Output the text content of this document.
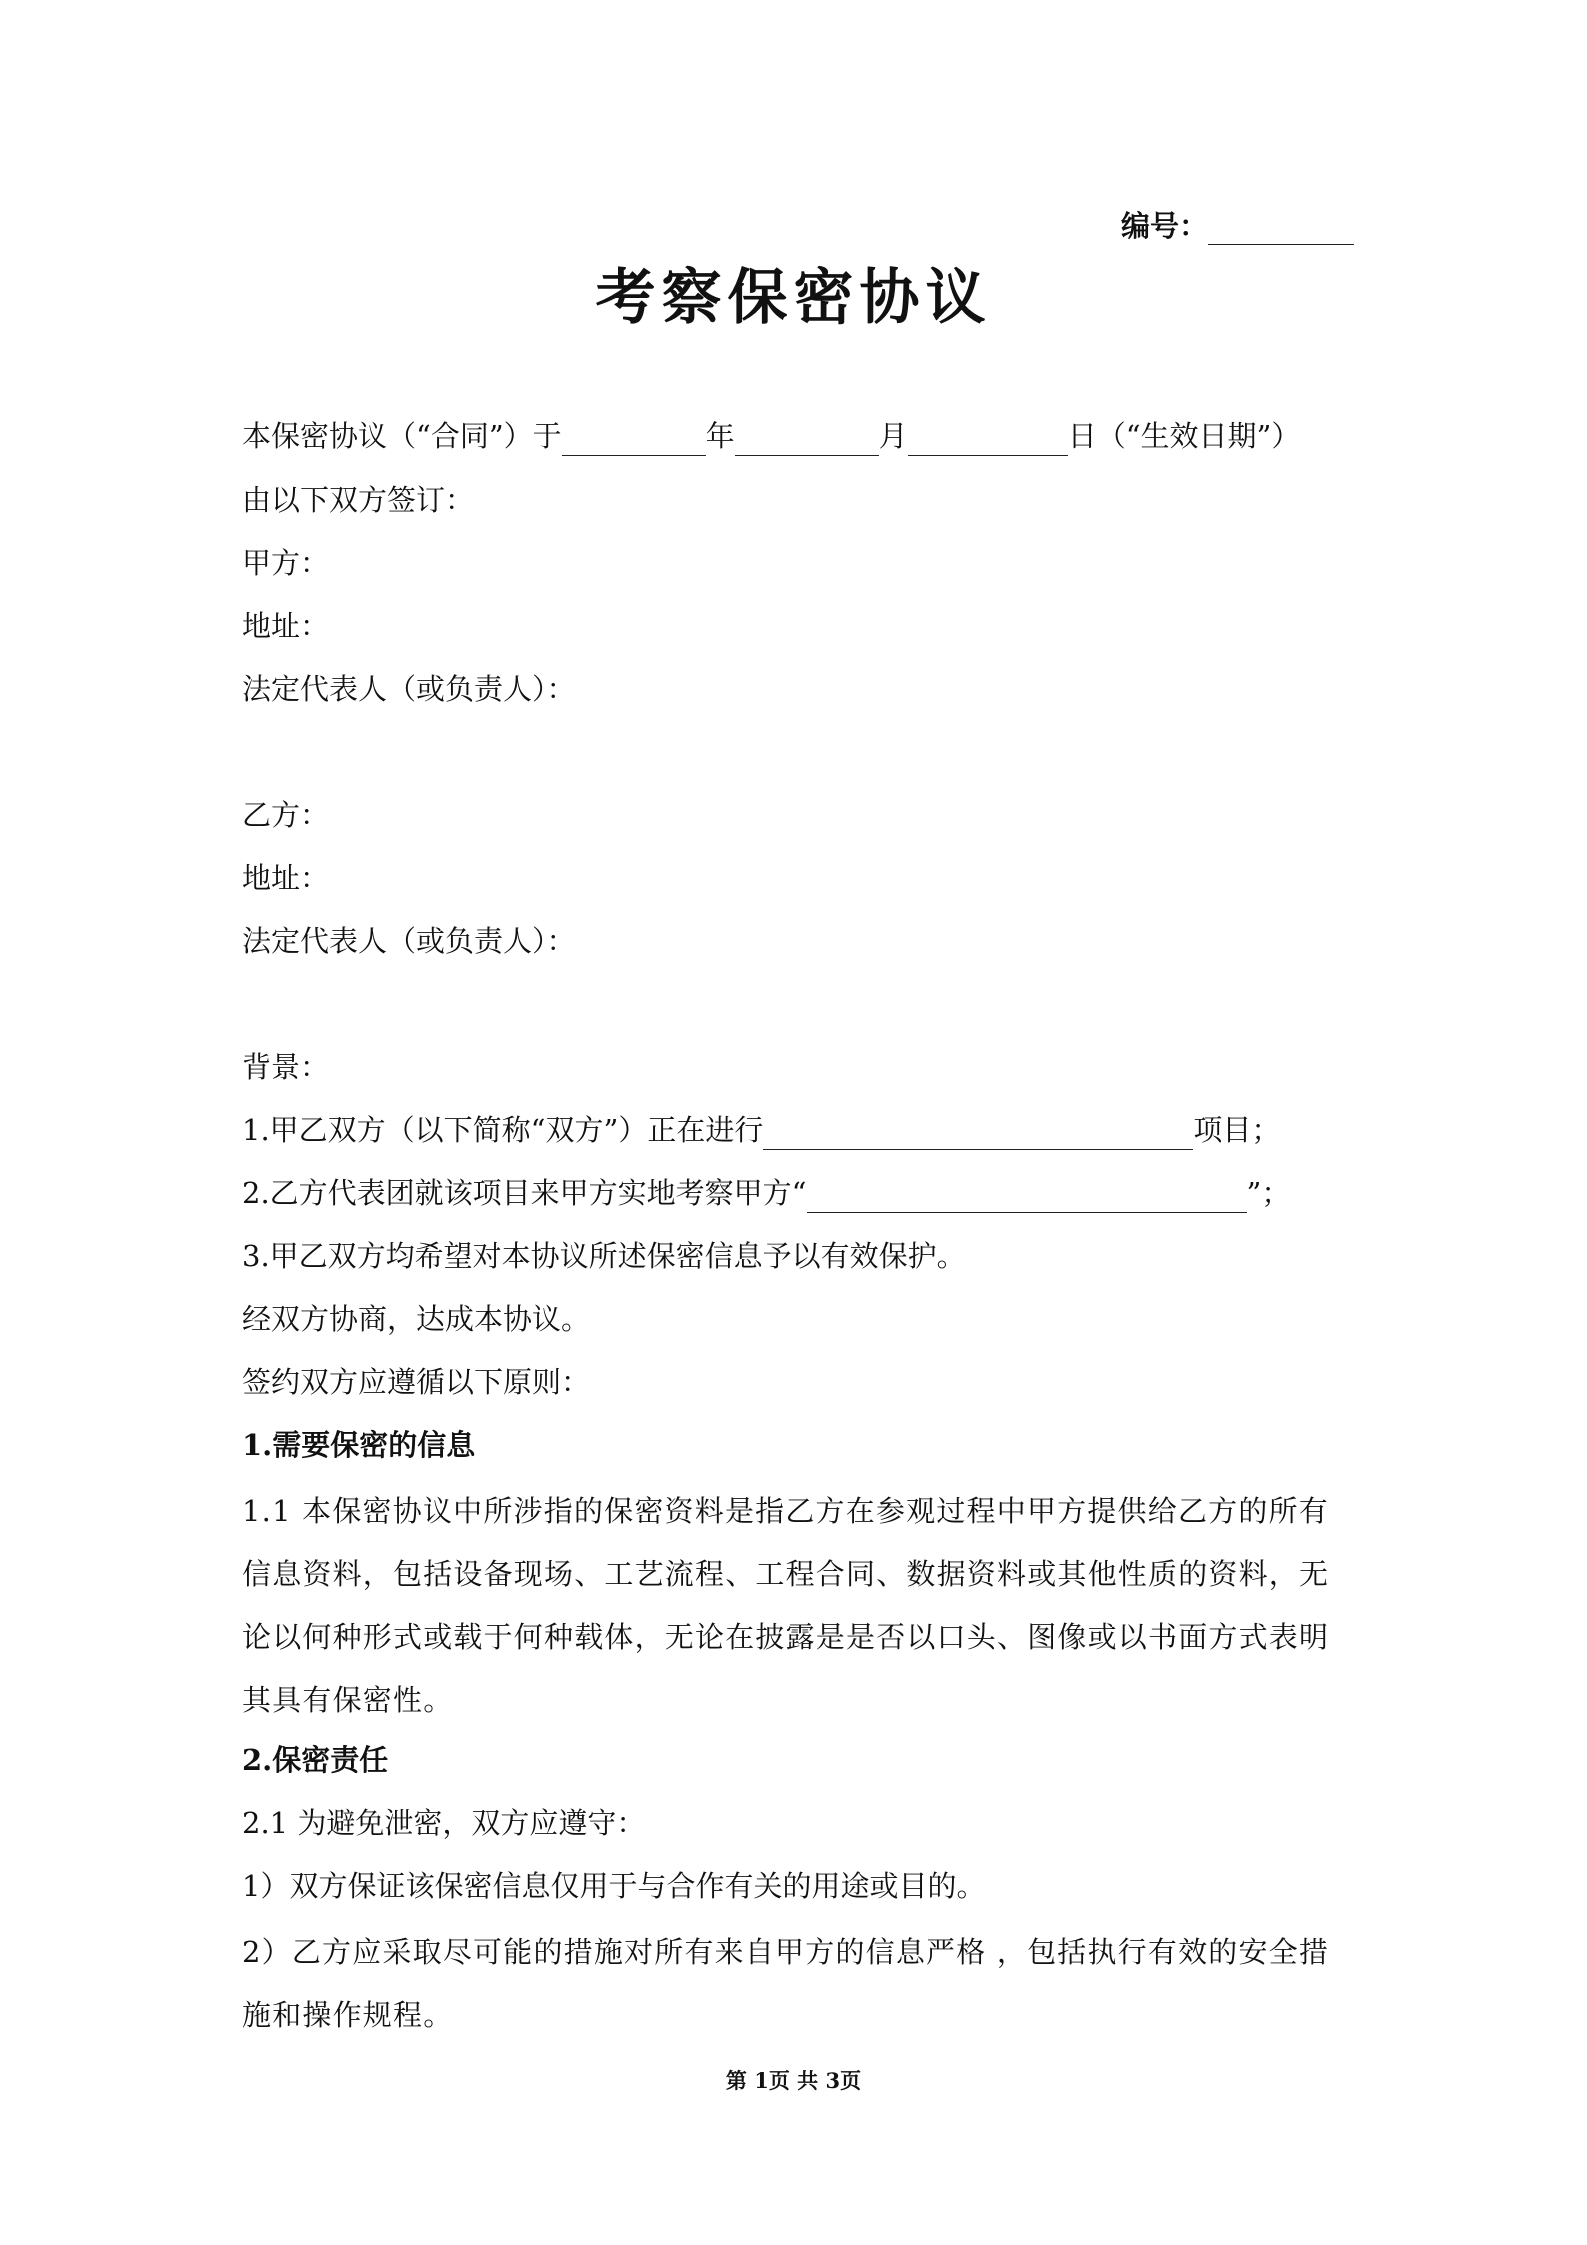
编号：
考察保密协议
本保密协议（“合同”）于	年	月	日（“生效日期”）
由以下双方签订：
甲方：
地址：
法定代表人（或负责人）：
乙方：
地址：
法定代表人（或负责人）：
背景：
1.甲乙双方（以下简称“双方”）正在进行	项目；
2.乙方代表团就该项目来甲方实地考察甲方“	”；
3.甲乙双方均希望对本协议所述保密信息予以有效保护。
经双方协商，达成本协议。
签约双方应遵循以下原则：
1.需要保密的信息
1.1 本保密协议中所涉指的保密资料是指乙方在参观过程中甲方提供给乙方的所有信息资料，包括设备现场、工艺流程、工程合同、数据资料或其他性质的资料，无论以何种形式或载于何种载体，无论在披露是是否以口头、图像或以书面方式表明其具有保密性。
2.保密责任
2.1 为避免泄密，双方应遵守：
1）双方保证该保密信息仅用于与合作有关的用途或目的。
2）乙方应采取尽可能的措施对所有来自甲方的信息严格 ，包括执行有效的安全措施和操作规程。
第 1页 共 3页
